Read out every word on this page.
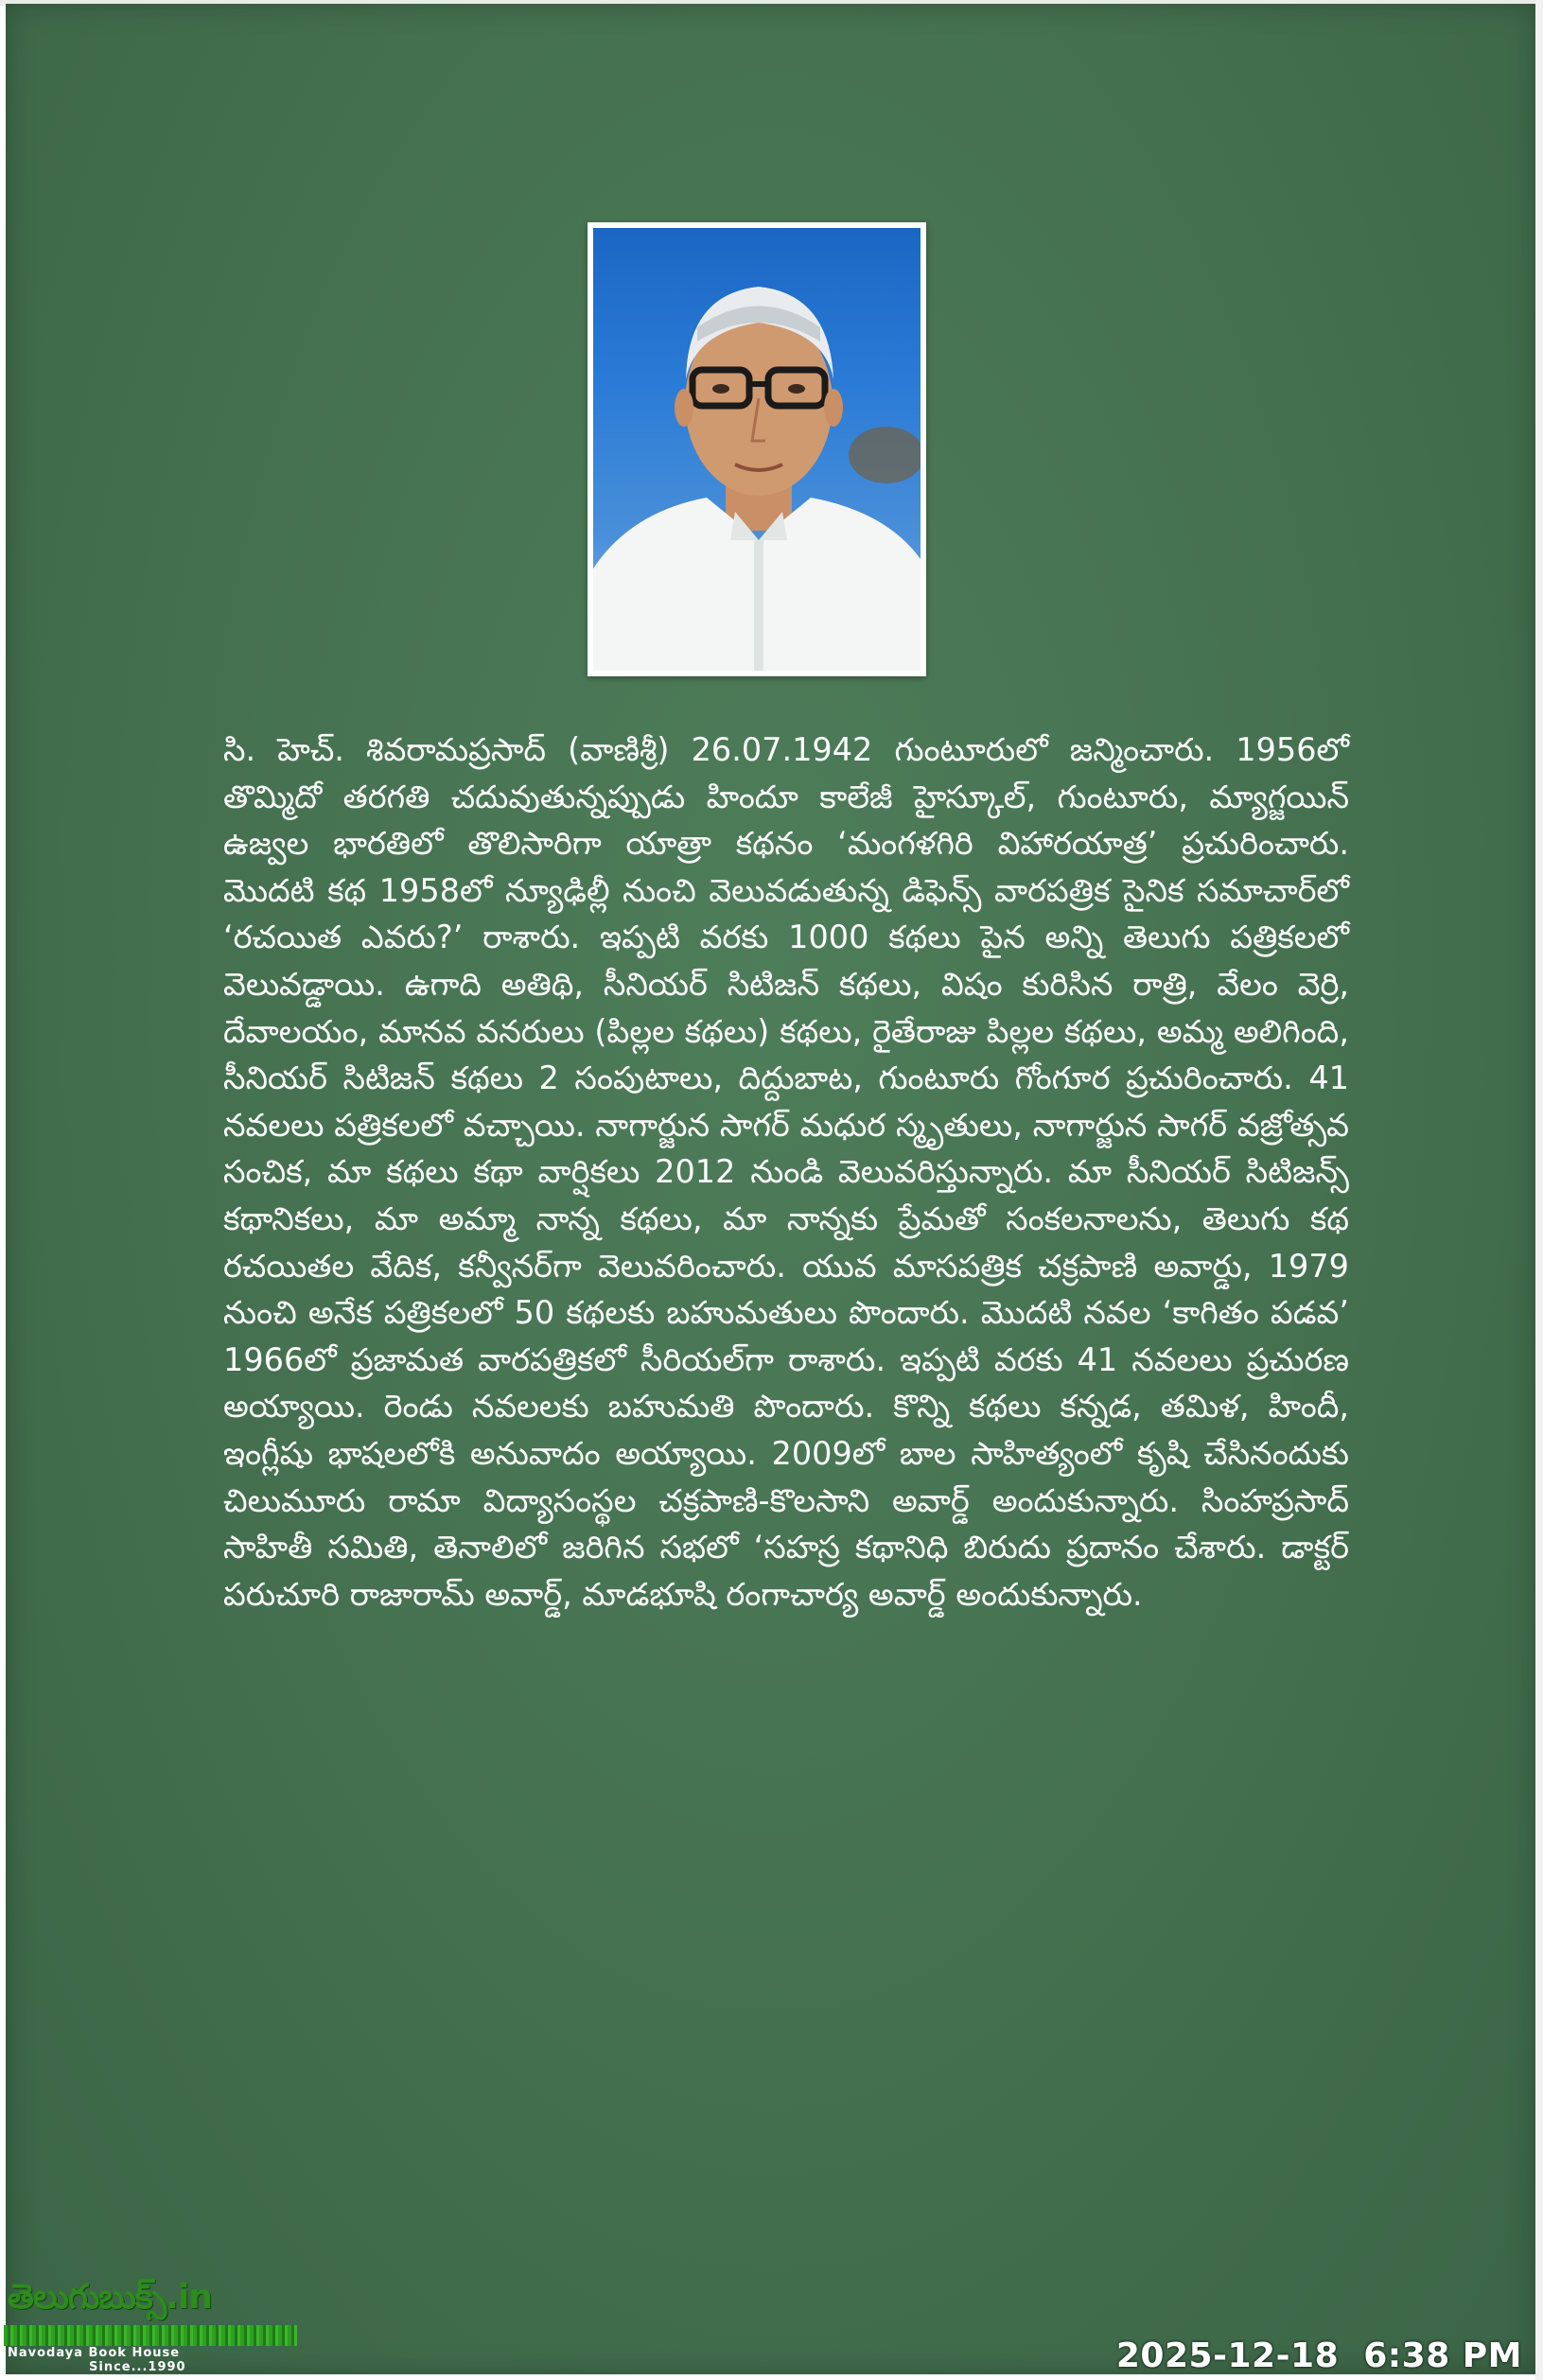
సి. హెచ్. శివరామప్రసాద్ (వాణిశ్రీ) 26.07.1942 గుంటూరులో జన్మించారు. 1956లో తొమ్మిదో తరగతి చదువుతున్నప్పుడు హిందూ కాలేజీ హైస్కూల్, గుంటూరు, మ్యాగ్జయిన్ ఉజ్వల భారతిలో తొలిసారిగా యాత్రా కథనం ‘మంగళగిరి విహారయాత్ర’ ప్రచురించారు. మొదటి కథ 1958లో న్యూఢిల్లీ నుంచి వెలువడుతున్న డిఫెన్స్ వారపత్రిక సైనిక సమాచార్‌లో ‘రచయిత ఎవరు?’ రాశారు. ఇప్పటి వరకు 1000 కథలు పైన అన్ని తెలుగు పత్రికలలో వెలువడ్డాయి. ఉగాది అతిథి, సీనియర్ సిటిజన్ కథలు, విషం కురిసిన రాత్రి, వేలం వెర్రి, దేవాలయం, మానవ వనరులు (పిల్లల కథలు) కథలు, రైతేరాజు పిల్లల కథలు, అమ్మ అలిగింది, సీనియర్ సిటిజన్ కథలు 2 సంపుటాలు, దిద్దుబాట, గుంటూరు గోంగూర ప్రచురించారు. 41 నవలలు పత్రికలలో వచ్చాయి. నాగార్జున సాగర్ మధుర స్మృతులు, నాగార్జున సాగర్ వజ్రోత్సవ సంచిక, మా కథలు కథా వార్షికలు 2012 నుండి వెలువరిస్తున్నారు. మా సీనియర్ సిటిజన్స్ కథానికలు, మా అమ్మా నాన్న కథలు, మా నాన్నకు ప్రేమతో సంకలనాలను, తెలుగు కథ రచయితల వేదిక, కన్వీనర్‌గా వెలువరించారు. యువ మాసపత్రిక చక్రపాణి అవార్డు, 1979 నుంచి అనేక పత్రికలలో 50 కథలకు బహుమతులు పొందారు. మొదటి నవల ‘కాగితం పడవ’ 1966లో ప్రజామత వారపత్రికలో సీరియల్‌గా రాశారు. ఇప్పటి వరకు 41 నవలలు ప్రచురణ అయ్యాయి. రెండు నవలలకు బహుమతి పొందారు. కొన్ని కథలు కన్నడ, తమిళ, హిందీ, ఇంగ్లీషు భాషలలోకి అనువాదం అయ్యాయి. 2009లో బాల సాహిత్యంలో కృషి చేసినందుకు చిలుమూరు రామా విద్యాసంస్థల చక్రపాణి-కొలసాని అవార్డ్ అందుకున్నారు. సింహప్రసాద్ సాహితీ సమితి, తెనాలిలో జరిగిన సభలో ‘సహస్ర కథానిధి బిరుదు ప్రదానం చేశారు. డాక్టర్ పరుచూరి రాజారామ్ అవార్డ్, మాడభూషి రంగాచార్య అవార్డ్ అందుకున్నారు.

తెలుగుబుక్స్.in
Navodaya Book House
Since...1990	2025-12-18  6:38 PM
